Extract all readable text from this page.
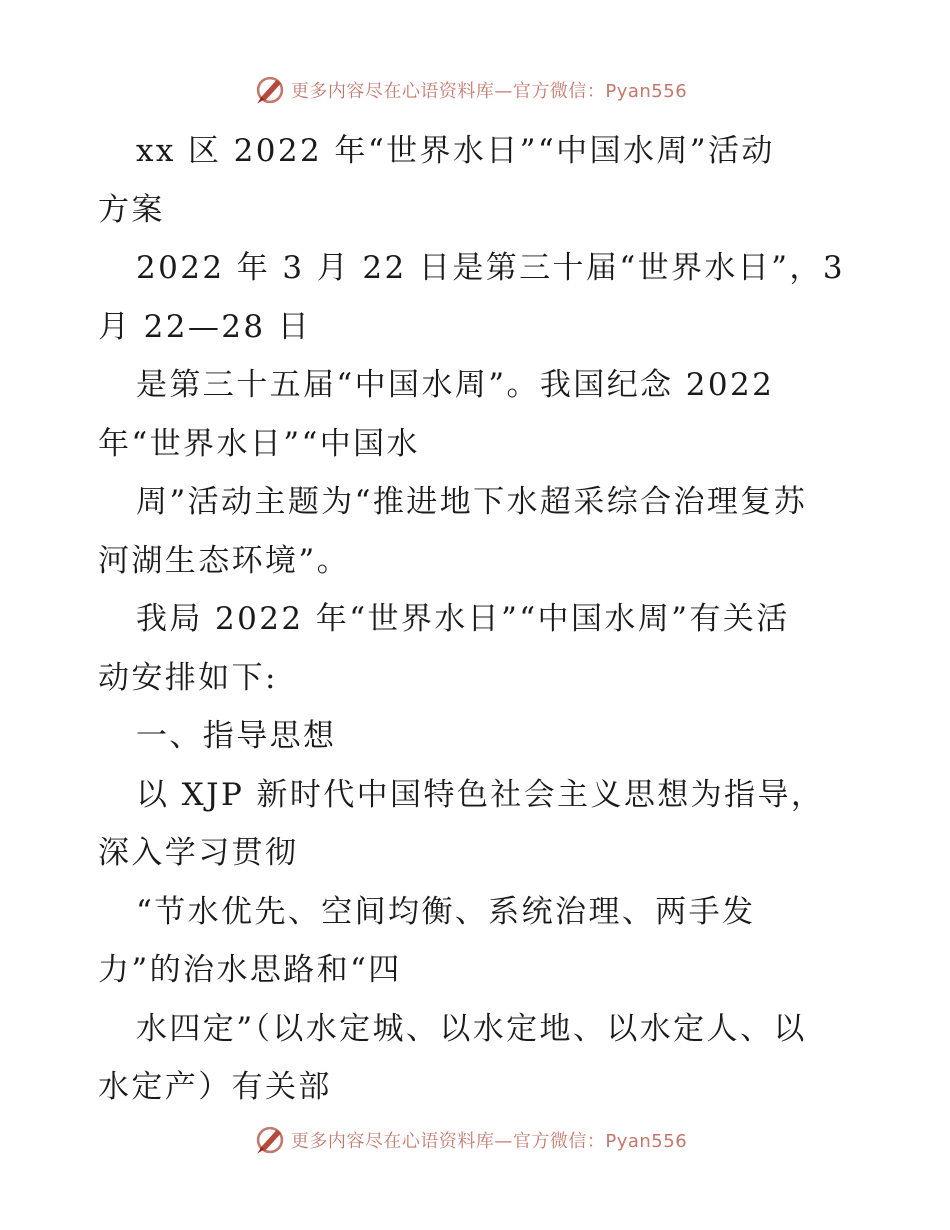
更多内容尽在心语资料库—官方微信：Pyan556
xx 区 2022 年“世界水日”“中国水周”活动
方案
2022 年 3 月 22 日是第三十届“世界水日”，3
月 22—28 日
是第三十五届“中国水周”。我国纪念 2022
年“世界水日”“中国水
周”活动主题为“推进地下水超采综合治理复苏
河湖生态环境”。
我局 2022 年“世界水日”“中国水周”有关活
动安排如下:
一、指导思想
以 XJP 新时代中国特色社会主义思想为指导，
深入学习贯彻
“节水优先、空间均衡、系统治理、两手发
力”的治水思路和“四
水四定”（以水定城、以水定地、以水定人、以
水定产）有关部
更多内容尽在心语资料库—官方微信：Pyan556
